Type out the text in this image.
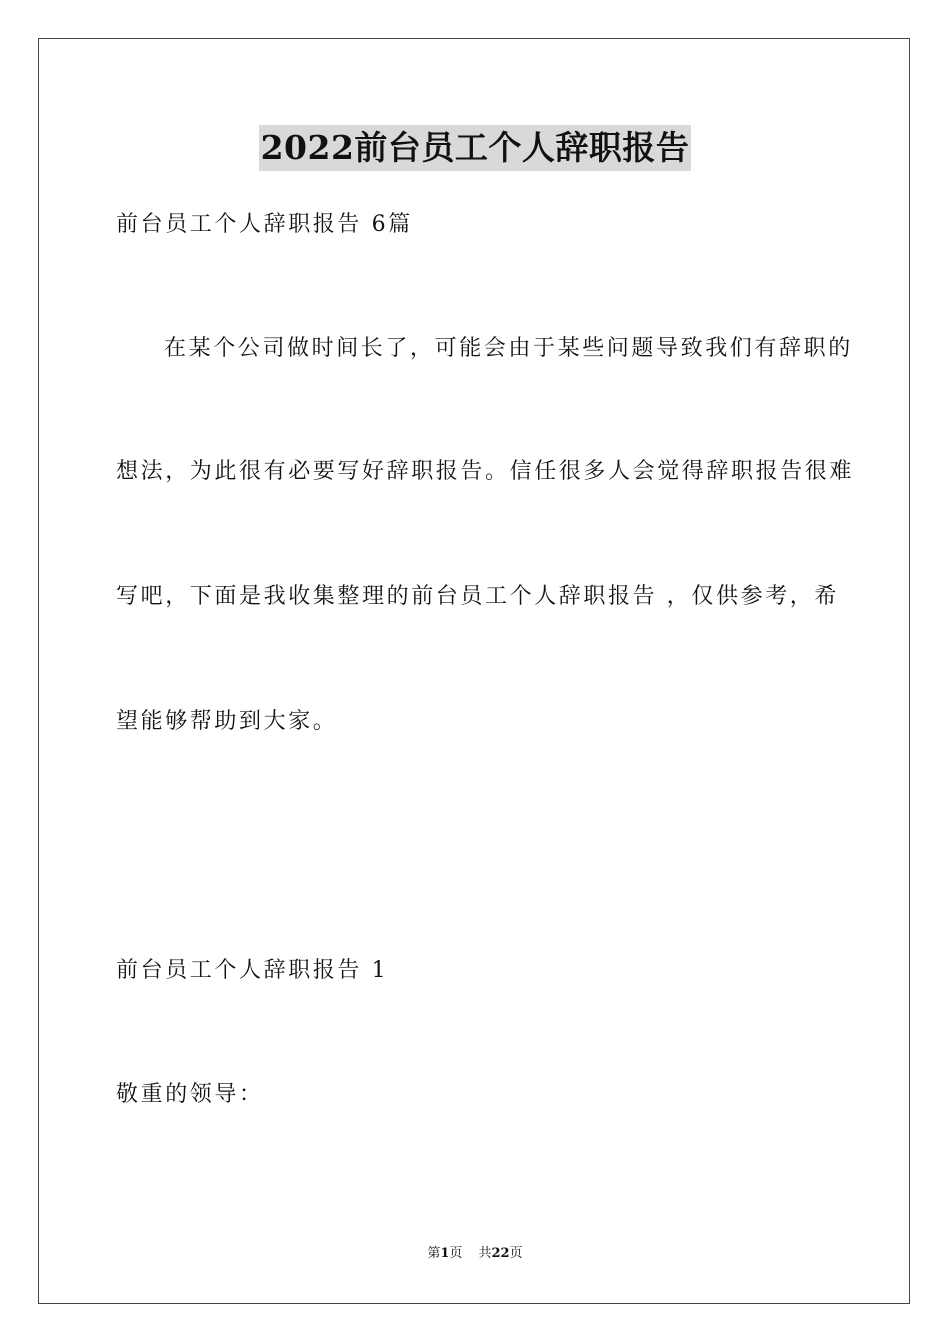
2022前台员工个人辞职报告
前台员工个人辞职报告 6篇
在某个公司做时间长了，可能会由于某些问题导致我们有辞职的
想法，为此很有必要写好辞职报告。信任很多人会觉得辞职报告很难
写吧，下面是我收集整理的前台员工个人辞职报告 ，仅供参考，希
望能够帮助到大家。
前台员工个人辞职报告 1
敬重的领导：
第1页 共22页
